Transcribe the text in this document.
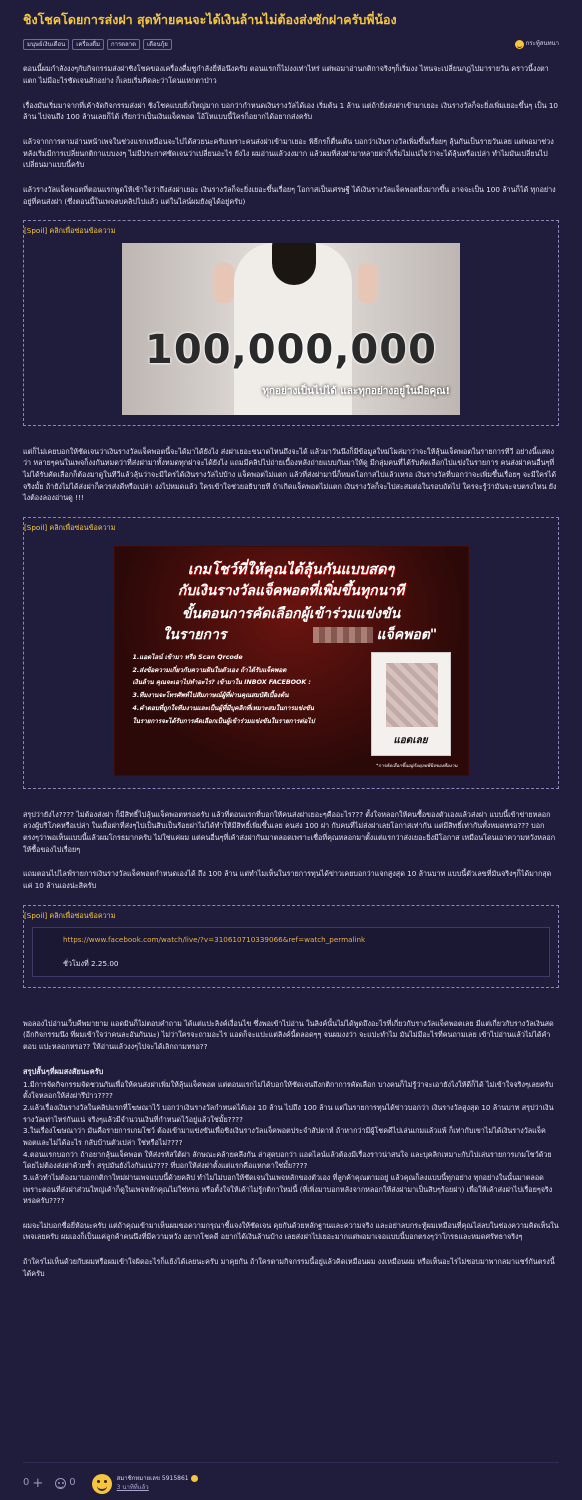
ชิงโชคโดยการส่งฝา สุดท้ายคนจะได้เงินล้านไม่ต้องส่งซักฝาครับพี่น้อง
มนุษย์เงินเดือน	เครื่องดื่ม	การตลาด	เดือนกุ้ย	กระทู้สนทนา

ตอนนี้ผมกำลังงงๆกับกิจกรรมส่งฝาชิงโชคของเครื่องดื่มชูกำลังยี่ห้อนึงครับ ตอนแรกก็ไม่งงเท่าไหร่ แต่พอมาอ่านกติกาจริงๆก็เริ่มงง ไหนจะเปลี่ยนกฎไปมารายวัน คราวนี้งงตาแตก ไม่มีอะไรชัดเจนสักอย่าง ก็เลยเริ่มคิดละว่าโดนแหกตาป่าว

เรื่องมันเริ่มมาจากที่เค้าจัดกิจกรรมส่งฝา ชิงโชคแบบยิ่งใหญ่มาก บอกว่ากำหนดเงินรางวัลได้เอง เริ่มต้น 1 ล้าน แต่ถ้ายิ่งส่งฝาเข้ามาเยอะ เงินรางวัลก็จะยิ่งเพิ่มเยอะขึ้นๆ เป็น 10 ล้าน ไปจนถึง 100 ล้านเลยก็ได้ เรียกว่าเป็นเงินแจ็คพอต โอ้โหแบบนี้ใครก็อยากได้อยากส่งครับ

แล้วจากการตามอ่านหน้าเพจในช่วงแรกเหมือนจะไปได้สวยนะครับเพราะคนส่งฝาเข้ามาเยอะ พิธีกรก็ตื่นเต้น บอกว่าเงินรางวัลเพิ่มขึ้นเรื่อยๆ ลุ้นกันเป็นรายวันเลย แต่พอมาช่วงหลังเริ่มมีการเปลี่ยนกติกาแบบงงๆ ไม่มีประกาศชัดเจนว่าเปลี่ยนอะไร ยังไง ผมอ่านแล้วงงมาก แล้วผมที่ส่งฝามาหลายฝาก็เริ่มไม่แน่ใจว่าจะได้ลุ้นหรือเปล่า ทำไมมันเปลี่ยนไปเปลี่ยนมาแบบนี้ครับ

แล้วรางวัลแจ็คพอตที่ตอนแรกพูดให้เข้าใจว่าถึงส่งฝาเยอะ เงินรางวัลก็จะยิ่งเยอะขึ้นเรื่อยๆ โอกาสเป็นเศรษฐี ได้เงินรางวัลแจ็คพอตยิ่งมากขึ้น อาจจะเป็น 100 ล้านก็ได้ ทุกอย่างอยู่ที่คนส่งฝา (ซึ่งตอนนี้ในเพจลบคลิปไปแล้ว แต่ในไลน์ผมยังดูได้อยู่ครับ)

[Spoil] คลิกเพื่อซ่อนข้อความ
100,000,000
ทุกอย่างเป็นไปได้ และทุกอย่างอยู่ในมือคุณ!

แต่ก็ไม่เคยบอกให้ชัดเจนว่าเงินรางวัลแจ็คพอตนี้จะได้มาได้ยังไง ส่งฝาเยอะขนาดไหนถึงจะได้ แล้วมาวันนึงก็มีข้อมูลใหม่โผล่มาว่าจะให้ลุ้นแจ็คพอตในรายการทีวี อย่างนี้แสดงว่า หลายๆคนในเพจก็งงกันหมดว่าที่ส่งฝามาทั้งหมดทุกฝาจะได้ยังไง แถมมีคลิปไปถ่ายเบื้องหลังถ่ายแบบกันมาให้ดู มีกลุ่มคนที่ได้รับคัดเลือกไปแข่งในรายการ คนส่งฝาคนอื่นๆที่ไม่ได้รับคัดเลือกก็ต้องมาดูในทีวีแล้วลุ้นว่าจะมีใครได้เงินรางวัลไปบ้าง แจ็คพอตไม่แตก แล้วที่ส่งฝามานี่ก็หมดโอกาสไปแล้วเหรอ เงินรางวัลที่บอกว่าจะเพิ่มขึ้นเรื่อยๆ จะมีใครได้จริงมั้ย ถ้ายังไม่ได้ส่งฝาก็ควรส่งดีหรือเปล่า งงไปหมดแล้ว ใครเข้าใจช่วยอธิบายที ถ้าเกิดแจ็คพอตไม่แตก เงินรางวัลก็จะไปสะสมต่อในรอบถัดไป ใครจะรู้ว่ามันจะจบตรงไหน ยังไงต้องลองอ่านดู !!!

[Spoil] คลิกเพื่อซ่อนข้อความ
เกมโชว์ที่ให้คุณได้ลุ้นกันแบบสดๆ
กับเงินรางวัลแจ็คพอตที่เพิ่มขึ้นทุกนาที
ขั้นตอนการคัดเลือกผู้เข้าร่วมแข่งขัน
ในรายการ	แจ็คพอต"
1.แอดไลน์ เข้ามา หรือ Scan Qrcode
2.ส่งข้อความเกี่ยวกับความฝันในตัวเอง ถ้าได้รับแจ็คพอต
เงินล้าน คุณจะเอาไปทำอะไร? เข้ามาใน INBOX FACEBOOK :
3.ทีมงานจะโทรศัพท์ไปสัมภาษณ์ผู้ที่ผ่านคุณสมบัติเบื้องต้น
4.คำตอบที่ถูกใจทีมงานและเป็นผู้ที่มีบุคลิกที่เหมาะสมในการแข่งขัน
ในรายการจะได้รับการคัดเลือกเป็นผู้เข้าร่วมแข่งขันในรายการต่อไป
แอดเลย
*การคัดเลือกขึ้นอยู่กับดุลยพินิจของทีมงาน

สรุปว่ายังไง???? ไม่ต้องส่งฝา ก็มีสิทธิ์ไปลุ้นแจ็คพอตหรอครับ แล้วที่ตอนแรกที่บอกให้คนส่งฝาเยอะๆคืออะไร??? ตั้งใจหลอกให้คนซื้อของตัวเองแล้วส่งฝา แบบนี้เข้าข่ายหลอกลวงผู้บริโภคหรือเปล่า ในเมื่อฝาที่ส่งๆไปเป็นสิบเป็นร้อยฝาไม่ได้ทำให้มีสิทธิ์เพิ่มขึ้นเลย คนส่ง 100 ฝา กับคนที่ไม่ส่งฝาเลยโอกาสเท่ากัน แต่มีสิทธิ์เท่ากันทั้งหมดหรอ??? บอกตรงๆว่าพอเห็นแบบนี้แล้วผมโกรธมากครับ ไม่ใช่แค่ผม แต่คนอื่นๆที่เค้าส่งฝากันมาตลอดเพราะเชื่อที่คุณหลอกมาตั้งแต่แรกว่าส่งเยอะยิ่งมีโอกาส เหมือนโดนเอาความหวังหลอกให้ซื้อของไปเรื่อยๆ

แถมตอนไปไลฟ์รายการเงินรางวัลแจ็คพอตกำหนดเองได้ ถึง 100 ล้าน แต่ทำไมเห็นในรายการทุนได้ข่าวเคยบอกว่าแจกสูงสุด 10 ล้านบาท แบบนี้ตัวเลขที่มันจริงๆก็ได้มากสุดแค่ 10 ล้านเองน่ะสิครับ

[Spoil] คลิกเพื่อซ่อนข้อความ
https://www.facebook.com/watch/live/?v=310610710339066&ref=watch_permalink
ชั่วโมงที่ 2.25.00

พอลองไปอ่านเว็บคีพมายาม แอดมินก็ไม่ตอบคำถาม ได้แต่แปะลิงค์เงื่อนไข ซึ่งพอเข้าไปอ่าน ในลิงค์นั้นไม่ได้พูดถึงอะไรที่เกี่ยวกับรางวัลแจ็คพอตเลย มีแต่เกี่ยวกับรางวัลเงินสด (อีกกิจกรรมนึง ที่ผมเข้าใจว่าคนละอันกันนะ) ไม่ว่าใครจะถามอะไร แอดก็จะแปะแต่ลิงค์นี้ตลอดๆๆ จนผมงงว่า จะแปะทำไม มันไม่มีอะไรที่คนถามเลย เข้าไปอ่านแล้วไม่ได้คำตอบ แปะหลอกหรอ?? ให้อ่านแล้วงงๆไปจะได้เลิกถามหรอ??

สรุปสั้นๆที่ผมสงสัยนะครับ
1.มีการจัดกิจกรรมจัดชวนกันเพื่อให้คนส่งฝาเพิ่มให้ลุ้นแจ็คพอต แต่ตอนแรกไม่ได้บอกให้ชัดเจนถึงกติกาการคัดเลือก บางคนก็ไม่รู้ว่าจะเอายังไงให้ดีก็ได้ ไม่เข้าใจจริงๆเลยครับ ตั้งใจหลอกให้ส่งฝารึป่าว????
2.แล้วเรื่องเงินรางวัลในคลิปแรกที่โฆษณาไว้ บอกว่าเงินรางวัลกำหนดได้เอง 10 ล้าน ไปถึง 100 ล้าน แต่ในรายการทุนได้ข่าวบอกว่า เงินรางวัลสูงสุด 10 ล้านบาท สรุปว่าเงินรางวัลเท่าไหร่กันแน่ จริงๆแล้วมีจำนวนเงินที่กำหนดไว้อยู่แล้วใช่มั้ย????
3.ในเรื่องโฆษณาว่า มันคือรายการเกมโชว์ ต้องเข้ามาแข่งขันเพื่อชิงเงินรางวัลแจ็คพอตประจำสัปดาห์ ถ้าหากว่ามีผู้โชคดีไปเล่นเกมแล้วแพ้ ก็เท่ากับเขาไม่ได้เงินรางวัลแจ็คพอตและไม่ได้อะไร กลับบ้านตัวเปล่า ใช่หรือไม่????
4.ตอนแรกบอกว่า ถ้าอยากลุ้นแจ็คพอต ให้ส่งรหัสใต้ฝา ลักษณะคล้ายคลึงกัน ล่าสุดบอกว่า แอดไลน์แล้วต้องมีเรื่องราวน่าสนใจ และบุคลิกเหมาะกับไปเล่นรายการเกมโชว์ด้วย โดยไม่ต้องส่งฝาด้วยซ้ำ สรุปมันยังไงกันแน่???? ที่บอกให้ส่งฝาตั้งแต่แรกคือแหกตาใช่มั้ย????
5.แล้วทำไมต้องมาบอกกติกาใหม่ผ่านเพจแบบนี้ด้วยคลิป ทำไมไม่บอกให้ชัดเจนในเพจหลักของตัวเอง ที่ลูกค้าคุณตามอยู่ แล้วคุณก็ลงแบบนี้ทุกอย่าง ทุกอย่างในนั้นมาตลอด เพราะตอนที่ส่งฝาส่วนใหญ่เค้าก็ดูในเพจหลักคุณไม่ใช่หรอ หรือตั้งใจให้เค้าไม่รู้กติกาใหม่นี้ (ที่เพิ่งมาบอกหลังจากหลอกให้ส่งฝามาเป็นสิบๆร้อยฝา) เพื่อให้เค้าส่งฝาไปเรื่อยๆจริงหรอครับ????

ผมจะไม่บอกชื่อยี่ห้อนะครับ แต่ถ้าคุณเข้ามาเห็นผมขอความกรุณาชี้แจงให้ชัดเจน คุยกันด้วยหลักฐานและความจริง และอย่าลบกระทู้ผมเหมือนที่คุณไล่ลบในช่องความคิดเห็นในเพจเลยครับ ผมเองก็เป็นแค่ลูกค้าคนนึงที่มีความหวัง อยากโชคดี อยากได้เงินล้านบ้าง เลยส่งฝาไปเยอะมากแต่พอมาเจอแบบนี้บอกตรงๆว่าโกรธและหมดศรัทธาจริงๆ

ถ้าใครไม่เห็นด้วยกับผมหรือผมเข้าใจผิดอะไรก็แย้งได้เลยนะครับ มาคุยกัน ถ้าใครตามกิจกรรมนี้อยู่แล้วคิดเหมือนผม งงเหมือนผม หรือเห็นอะไรไม่ชอบมาพากลมาแชร์กันตรงนี้ได้ครับ

0 +	0	สมาชิกหมายเลข 5915861
3 นาทีที่แล้ว
